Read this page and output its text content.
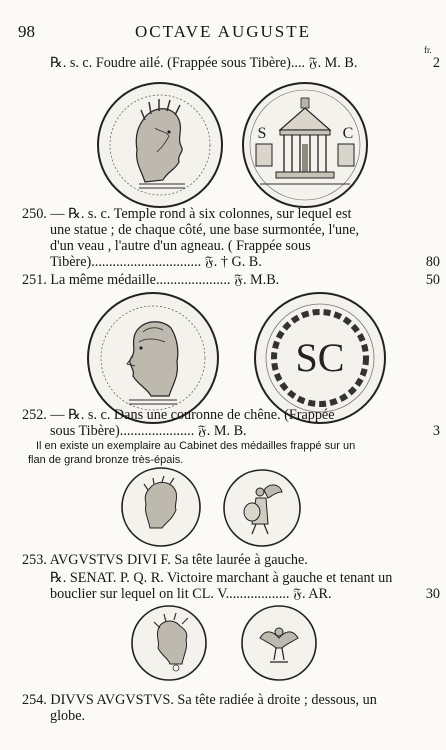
98	OCTAVE AUGUSTE
fr.
℞. s. c. Foudre ailé. (Frappée sous Tibère).... 𝔉. M. B.	2
S	C
250. — ℞. s. c. Temple rond à six colonnes, sur lequel est
une statue ; de chaque côté, une base surmontée, l'une,
d'un veau , l'autre d'un agneau. ( Frappée sous
Tibère)............................... 𝔉. † G. B.	80
251. La même médaille..................... 𝔉. M.B.	50
SC
252. — ℞. s. c. Dans une couronne de chêne. (Frappée
sous Tibère)..................... 𝔉. M. B.	3
Il en existe un exemplaire au Cabinet des médailles frappé sur un
flan de grand bronze très-épais.
253. AVGVSTVS DIVI F. Sa tête laurée à gauche.
℞. SENAT. P. Q. R. Victoire marchant à gauche et tenant un
bouclier sur lequel on lit CL. V.................. 𝔉. AR.	30
254. DIVVS AVGVSTVS. Sa tête radiée à droite ; dessous, un
globe.
